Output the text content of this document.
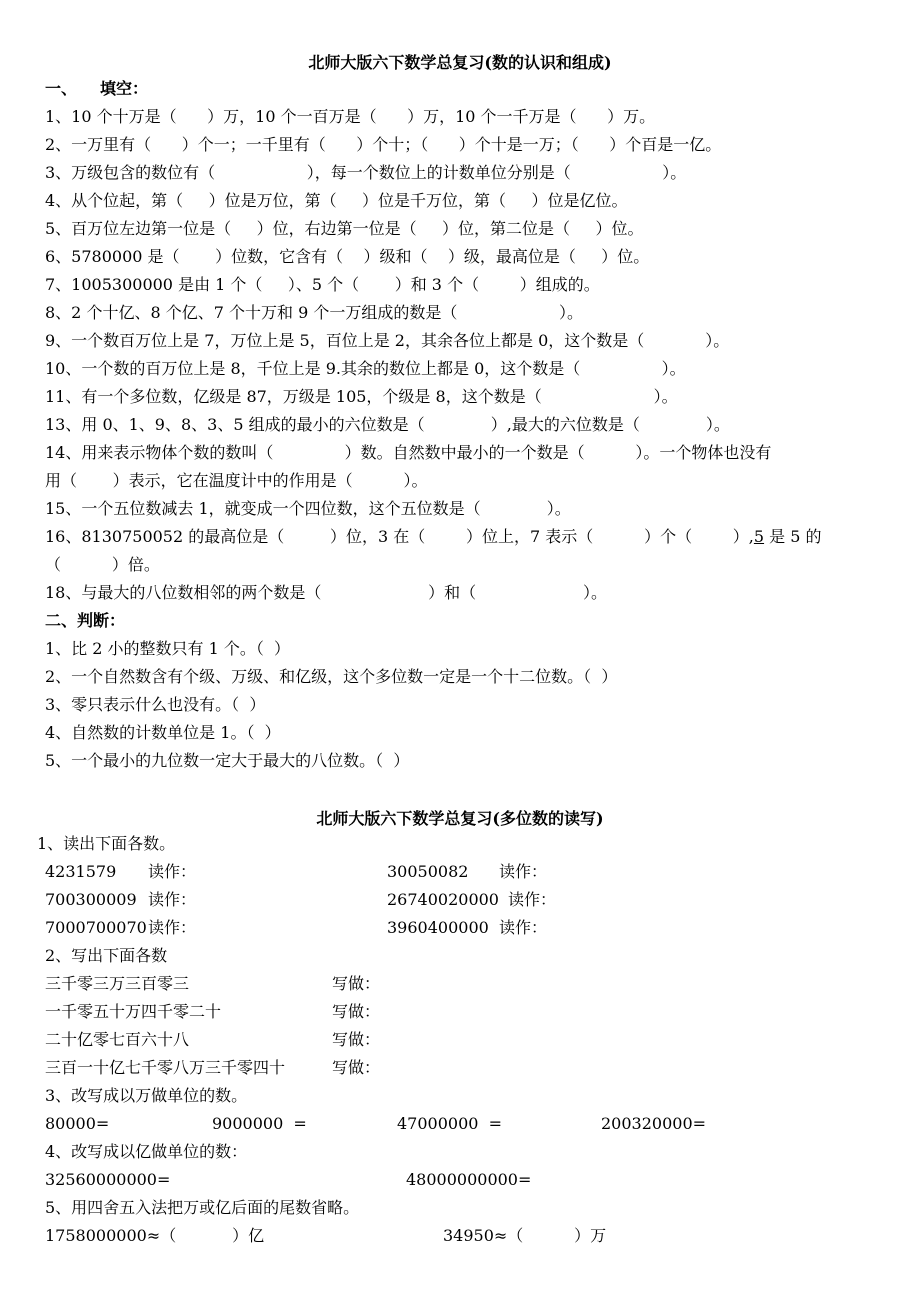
北师大版六下数学总复习(数的认识和组成)
一、 填空：
1、10 个十万是（      ）万，10 个一百万是（      ）万，10 个一千万是（      ）万。
2、一万里有（      ）个一；一千里有（      ）个十；（      ）个十是一万；（      ）个百是一亿。
3、万级包含的数位有（                  ），每一个数位上的计数单位分别是（                  ）。
4、从个位起，第（     ）位是万位，第（     ）位是千万位，第（     ）位是亿位。
5、百万位左边第一位是（     ）位，右边第一位是（     ）位，第二位是（     ）位。
6、5780000 是（       ）位数，它含有（    ）级和（    ）级，最高位是（     ）位。
7、1005300000 是由 1 个（     ）、5 个（       ）和 3 个（        ）组成的。
8、2 个十亿、8 个亿、7 个十万和 9 个一万组成的数是（                    ）。
9、一个数百万位上是 7，万位上是 5，百位上是 2，其余各位上都是 0，这个数是（            ）。
10、一个数的百万位上是 8，千位上是 9.其余的数位上都是 0，这个数是（                ）。
11、有一个多位数，亿级是 87，万级是 105，个级是 8，这个数是（                      ）。
13、用 0、1、9、8、3、5 组成的最小的六位数是（             ）,最大的六位数是（             ）。
14、用来表示物体个数的数叫（              ）数。自然数中最小的一个数是（          ）。一个物体也没有
用（       ）表示，它在温度计中的作用是（          ）。
15、一个五位数减去 1，就变成一个四位数，这个五位数是（             ）。
16、8130750052 的最高位是（         ）位，3 在（        ）位上，7 表示（          ）个（        ）,5 是 5 的
（          ）倍。
18、与最大的八位数相邻的两个数是（                     ）和（                     ）。
二、判断：
1、比 2 小的整数只有 1 个。（  ）
2、一个自然数含有个级、万级、和亿级，这个多位数一定是一个十二位数。（  ）
3、零只表示什么也没有。（  ）
4、自然数的计数单位是 1。（  ）
5、一个最小的九位数一定大于最大的八位数。（  ）
北师大版六下数学总复习(多位数的读写)
1、读出下面各数。
4231579 读作：	30050082 读作：
700300009 读作：	26740020000 读作：
7000700070 读作：	3960400000 读作：
2、写出下面各数
三千零三万三百零三	写做：
一千零五十万四千零二十	写做：
二十亿零七百六十八	写做：
三百一十亿七千零八万三千零四十	写做：
3、改写成以万做单位的数。
80000=	9000000  =	47000000  =	200320000=
4、改写成以亿做单位的数：
32560000000=	48000000000=
5、用四舍五入法把万或亿后面的尾数省略。
1758000000≈（           ）亿	34950≈（          ）万
